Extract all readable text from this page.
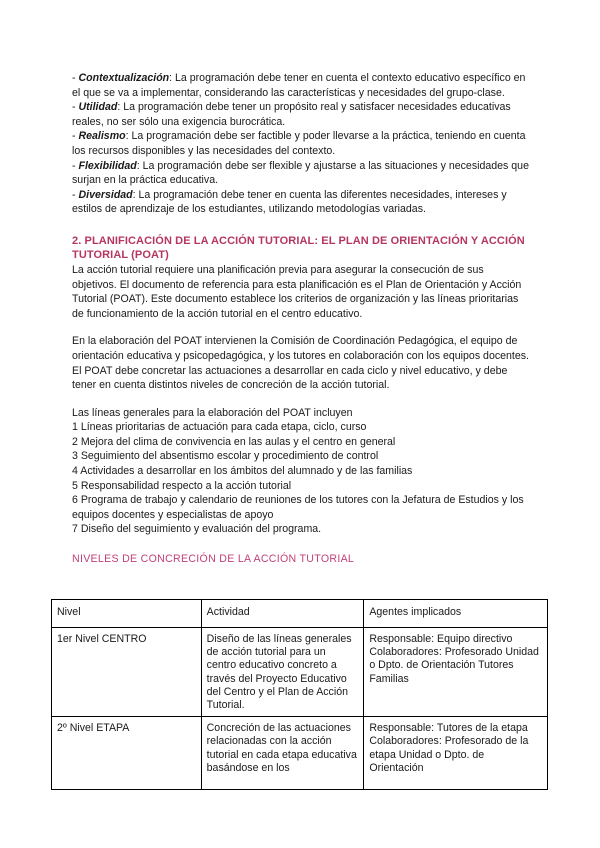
- Contextualización: La programación debe tener en cuenta el contexto educativo específico en el que se va a implementar, considerando las características y necesidades del grupo-clase.

- Utilidad: La programación debe tener un propósito real y satisfacer necesidades educativas reales, no ser sólo una exigencia burocrática.

- Realismo: La programación debe ser factible y poder llevarse a la práctica, teniendo en cuenta los recursos disponibles y las necesidades del contexto.

- Flexibilidad: La programación debe ser flexible y ajustarse a las situaciones y necesidades que surjan en la práctica educativa.

- Diversidad: La programación debe tener en cuenta las diferentes necesidades, intereses y estilos de aprendizaje de los estudiantes, utilizando metodologías variadas.

2. PLANIFICACIÓN DE LA ACCIÓN TUTORIAL: EL PLAN DE ORIENTACIÓN Y ACCIÓN TUTORIAL (POAT)

La acción tutorial requiere una planificación previa para asegurar la consecución de sus objetivos. El documento de referencia para esta planificación es el Plan de Orientación y Acción Tutorial (POAT). Este documento establece los criterios de organización y las líneas prioritarias de funcionamiento de la acción tutorial en el centro educativo.

En la elaboración del POAT intervienen la Comisión de Coordinación Pedagógica, el equipo de orientación educativa y psicopedagógica, y los tutores en colaboración con los equipos docentes. El POAT debe concretar las actuaciones a desarrollar en cada ciclo y nivel educativo, y debe tener en cuenta distintos niveles de concreción de la acción tutorial.

Las líneas generales para la elaboración del POAT incluyen

1 Líneas prioritarias de actuación para cada etapa, ciclo, curso

2 Mejora del clima de convivencia en las aulas y el centro en general

3 Seguimiento del absentismo escolar y procedimiento de control

4 Actividades a desarrollar en los ámbitos del alumnado y de las familias

5 Responsabilidad respecto a la acción tutorial

6 Programa de trabajo y calendario de reuniones de los tutores con la Jefatura de Estudios y los equipos docentes y especialistas de apoyo

7 Diseño del seguimiento y evaluación del programa.

NIVELES DE CONCRECIÓN DE LA ACCIÓN TUTORIAL

Nivel	Actividad	Agentes implicados
1er Nivel CENTRO	Diseño de las líneas generales de acción tutorial para un centro educativo concreto a través del Proyecto Educativo del Centro y el Plan de Acción Tutorial.	Responsable: Equipo directivo Colaboradores: Profesorado Unidad o Dpto. de Orientación Tutores Familias
2º Nivel ETAPA	Concreción de las actuaciones relacionadas con la acción tutorial en cada etapa educativa basándose en los	Responsable: Tutores de la etapa Colaboradores: Profesorado de la etapa Unidad o Dpto. de Orientación
